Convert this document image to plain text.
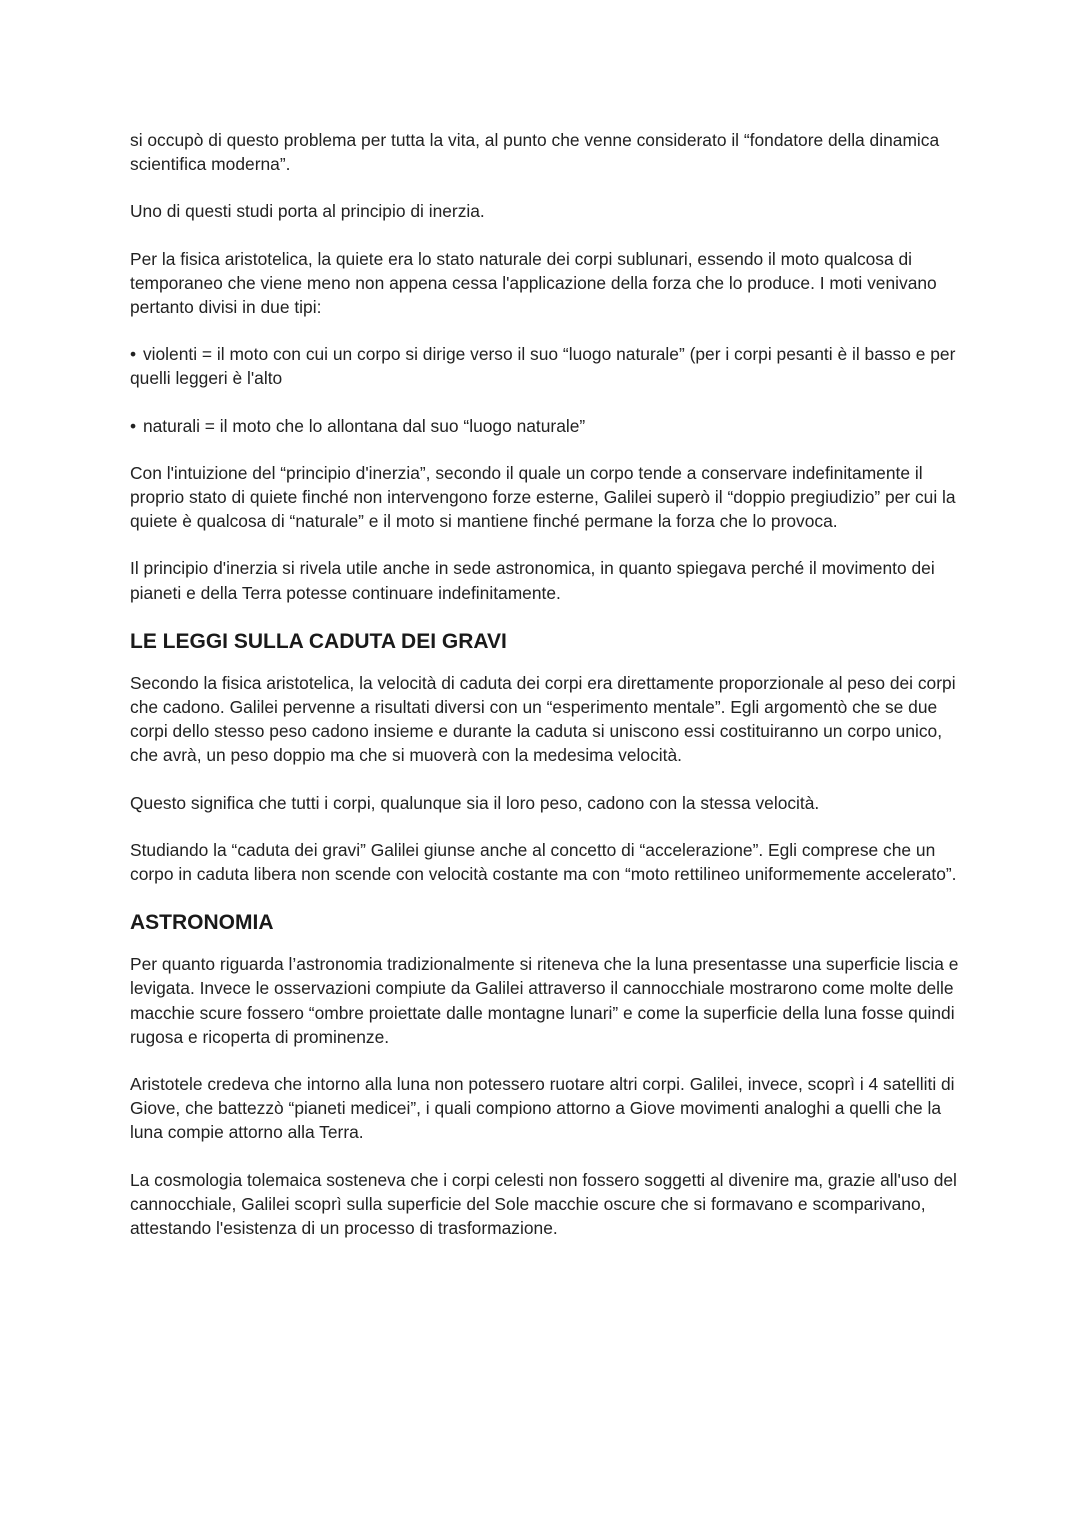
si occupò di questo problema per tutta la vita, al punto che venne considerato il “fondatore della dinamica scientifica moderna”.

Uno di questi studi porta al principio di inerzia.

Per la fisica aristotelica, la quiete era lo stato naturale dei corpi sublunari, essendo il moto qualcosa di temporaneo che viene meno non appena cessa l'applicazione della forza che lo produce. I moti venivano pertanto divisi in due tipi:

• violenti = il moto con cui un corpo si dirige verso il suo “luogo naturale” (per i corpi pesanti è il basso e per quelli leggeri è l'alto

• naturali = il moto che lo allontana dal suo “luogo naturale”

Con l'intuizione del “principio d'inerzia”, secondo il quale un corpo tende a conservare indefinitamente il proprio stato di quiete finché non intervengono forze esterne, Galilei superò il “doppio pregiudizio” per cui la quiete è qualcosa di “naturale” e il moto si mantiene finché permane la forza che lo provoca.

Il principio d'inerzia si rivela utile anche in sede astronomica, in quanto spiegava perché il movimento dei pianeti e della Terra potesse continuare indefinitamente.

LE LEGGI SULLA CADUTA DEI GRAVI

Secondo la fisica aristotelica, la velocità di caduta dei corpi era direttamente proporzionale al peso dei corpi che cadono. Galilei pervenne a risultati diversi con un “esperimento mentale”. Egli argomentò che se due corpi dello stesso peso cadono insieme e durante la caduta si uniscono essi costituiranno un corpo unico, che avrà, un peso doppio ma che si muoverà con la medesima velocità.

Questo significa che tutti i corpi, qualunque sia il loro peso, cadono con la stessa velocità.

Studiando la “caduta dei gravi” Galilei giunse anche al concetto di “accelerazione”. Egli comprese che un corpo in caduta libera non scende con velocità costante ma con “moto rettilineo uniformemente accelerato”.

ASTRONOMIA

Per quanto riguarda l’astronomia tradizionalmente si riteneva che la luna presentasse una superficie liscia e levigata. Invece le osservazioni compiute da Galilei attraverso il cannocchiale mostrarono come molte delle macchie scure fossero “ombre proiettate dalle montagne lunari” e come la superficie della luna fosse quindi rugosa e ricoperta di prominenze.

Aristotele credeva che intorno alla luna non potessero ruotare altri corpi. Galilei, invece, scoprì i 4 satelliti di Giove, che battezzò “pianeti medicei”, i quali compiono attorno a Giove movimenti analoghi a quelli che la luna compie attorno alla Terra.

La cosmologia tolemaica sosteneva che i corpi celesti non fossero soggetti al divenire ma, grazie all'uso del cannocchiale, Galilei scoprì sulla superficie del Sole macchie oscure che si formavano e scomparivano, attestando l'esistenza di un processo di trasformazione.
